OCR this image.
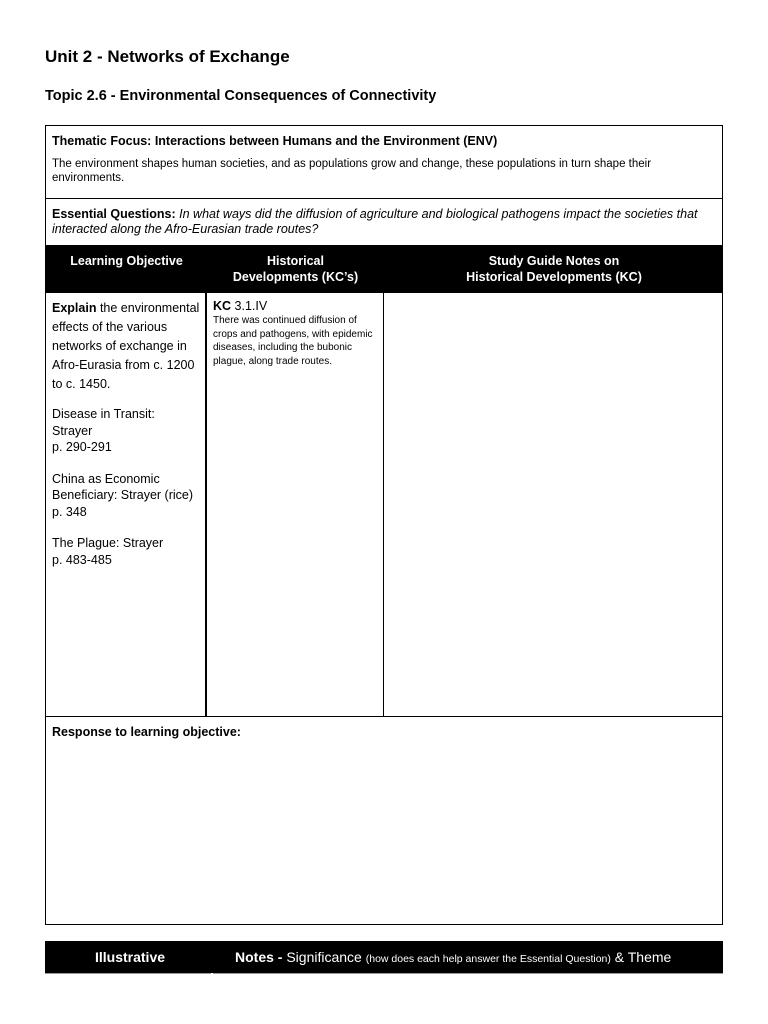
Unit 2 - Networks of Exchange
Topic 2.6 - Environmental Consequences of Connectivity

Thematic Focus: Interactions between Humans and the Environment (ENV)

The environment shapes human societies, and as populations grow and change, these populations in turn shape their environments.

Essential Questions: In what ways did the diffusion of agriculture and biological pathogens impact the societies that interacted along the Afro-Eurasian trade routes?
Learning Objective	Historical
Developments (KC’s)
Study Guide Notes on
Historical Developments (KC)

Explain the environmental effects of the various networks of exchange in Afro-Eurasia from c. 1200 to c. 1450.

Disease in Transit:
Strayer
p. 290-291

China as Economic Beneficiary: Strayer (rice)
p. 348

The Plague: Strayer
p. 483-485

KC 3.1.IV

There was continued diffusion of crops and pathogens, with epidemic diseases, including the bubonic plague, along trade routes.

Response to learning objective:
Illustrative	Notes - Significance (how does each help answer the Essential Question) & Theme
